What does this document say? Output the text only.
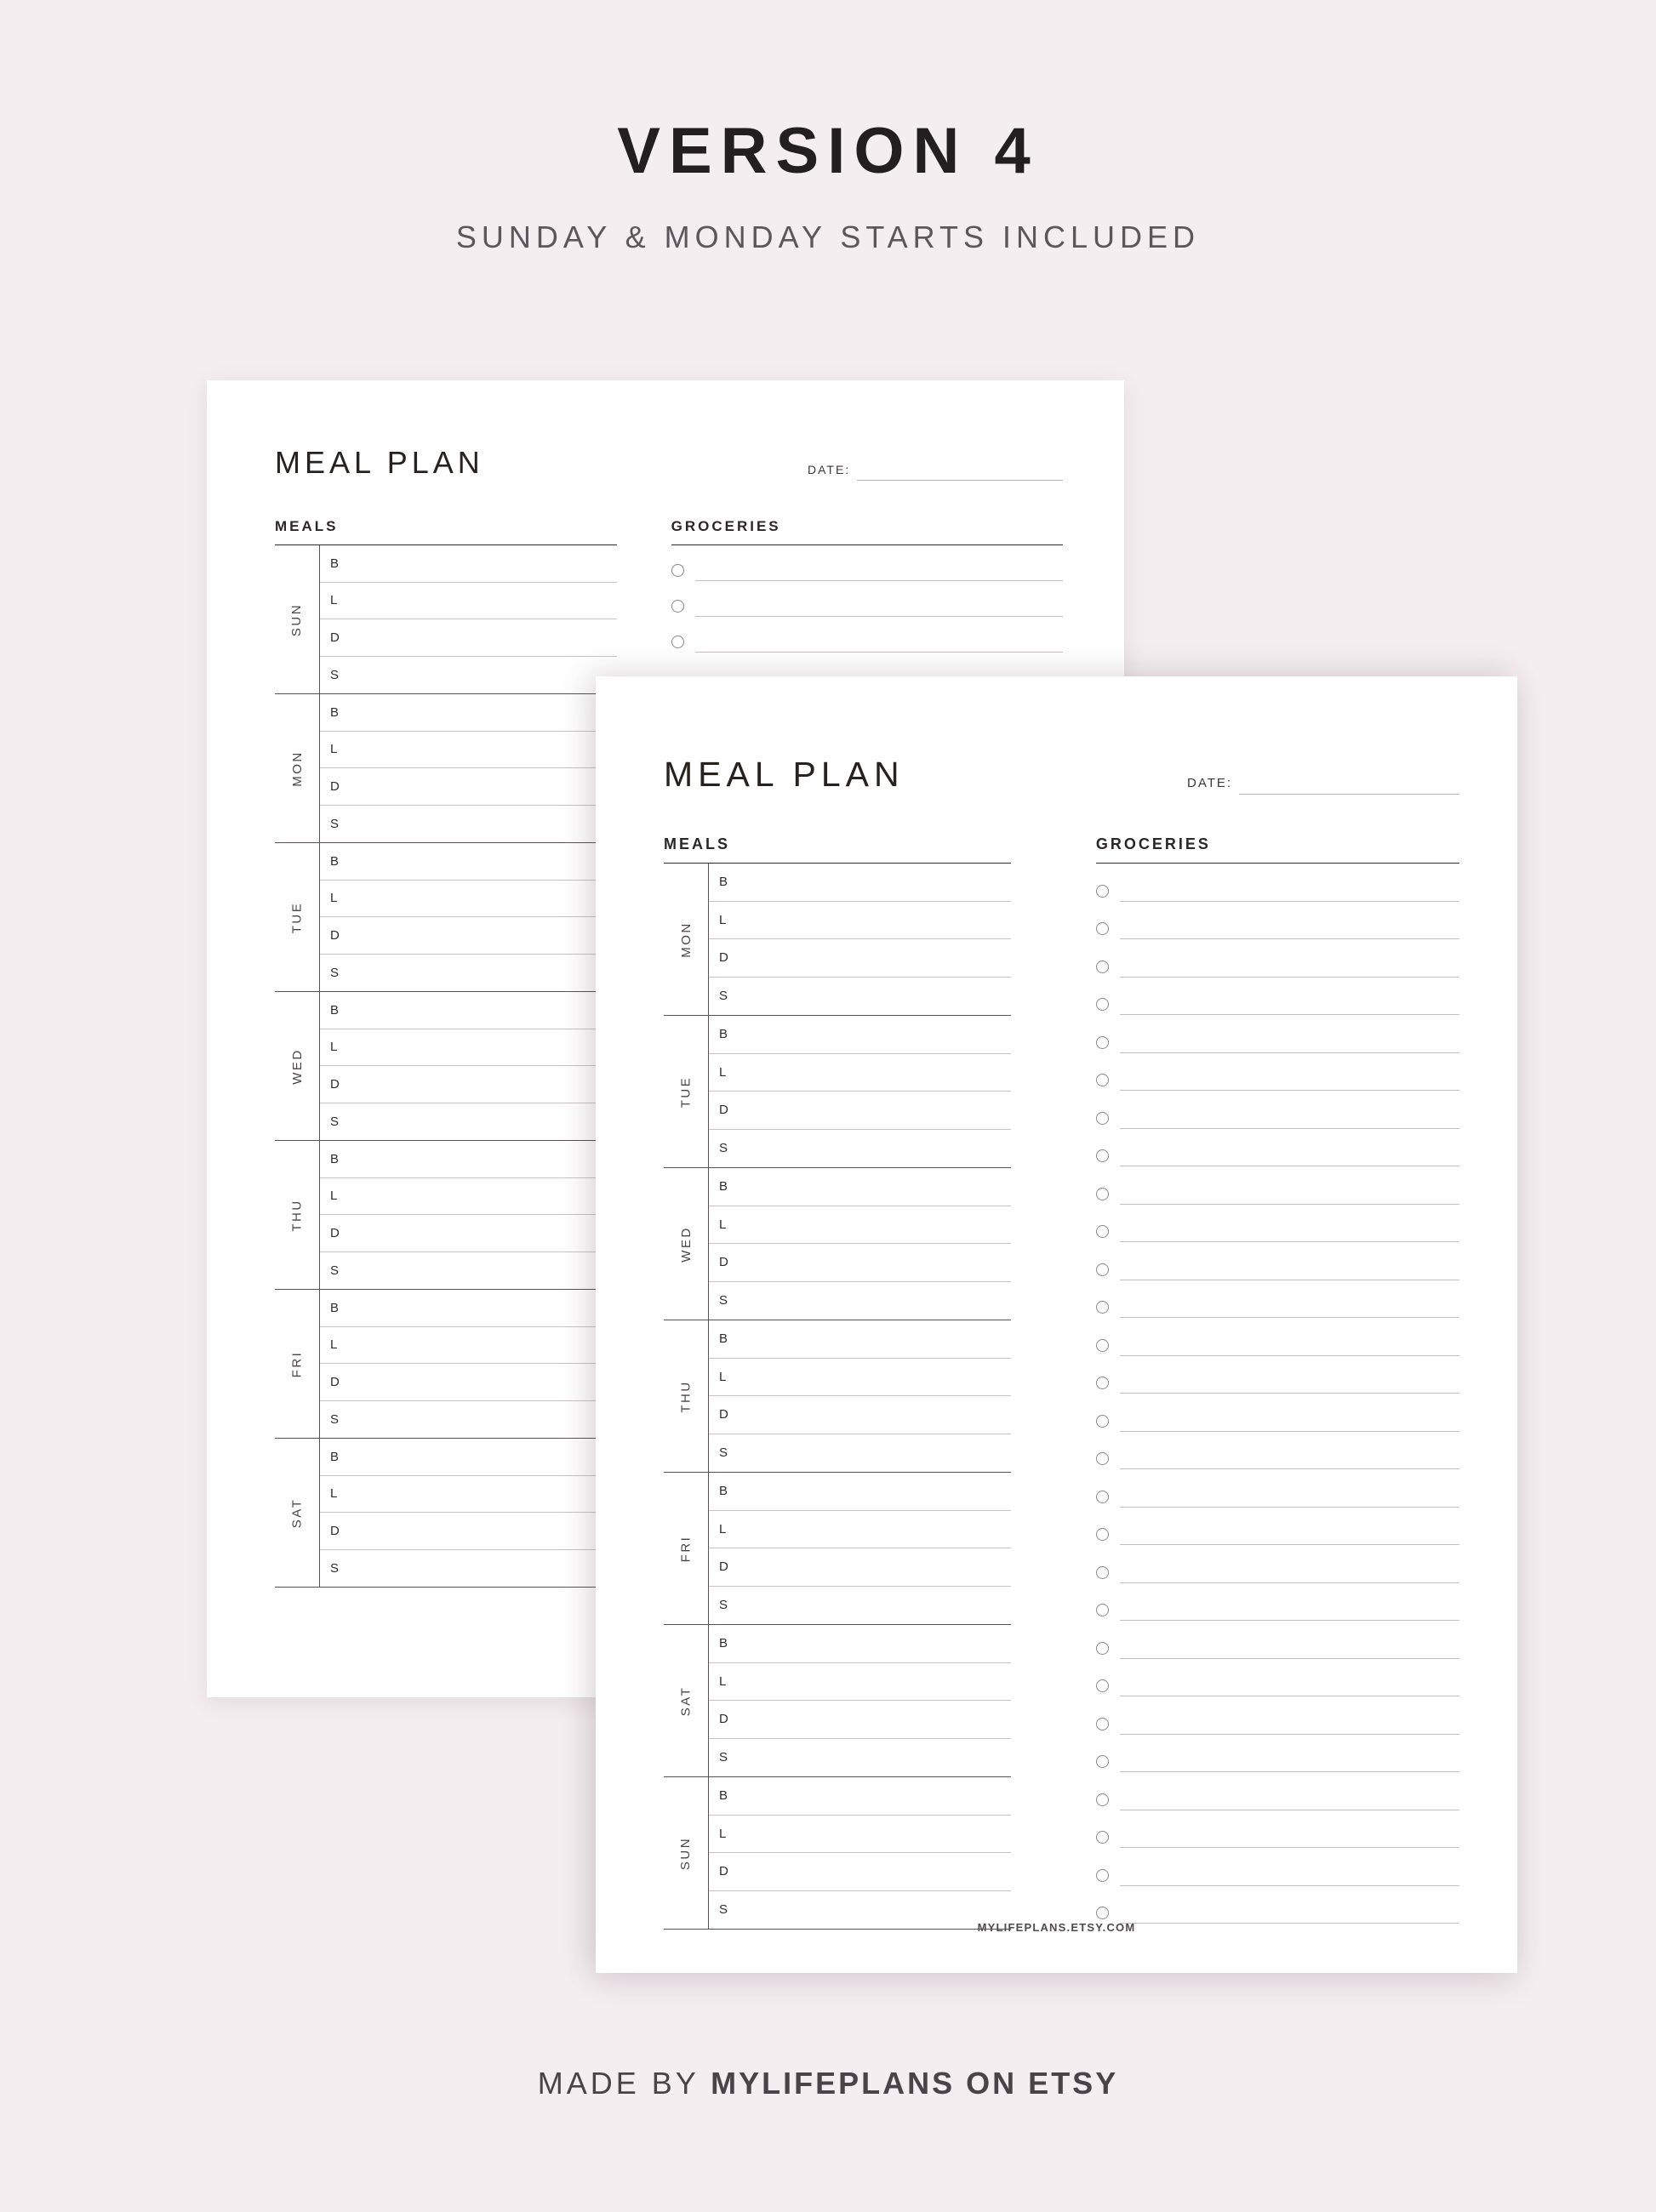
VERSION 4
SUNDAY & MONDAY STARTS INCLUDED
MEAL PLAN	DATE:
MEALS
SUN
B
L
D
S
MON
B
L
D
S
TUE
B
L
D
S
WED
B
L
D
S
THU
B
L
D
S
FRI
B
L
D
S
SAT
B
L
D
S
GROCERIES
MEAL PLAN	DATE:
MEALS
MON
B
L
D
S
TUE
B
L
D
S
WED
B
L
D
S
THU
B
L
D
S
FRI
B
L
D
S
SAT
B
L
D
S
SUN
B
L
D
S
GROCERIES
MYLIFEPLANS.ETSY.COM
MADE BY MYLIFEPLANS ON ETSY
